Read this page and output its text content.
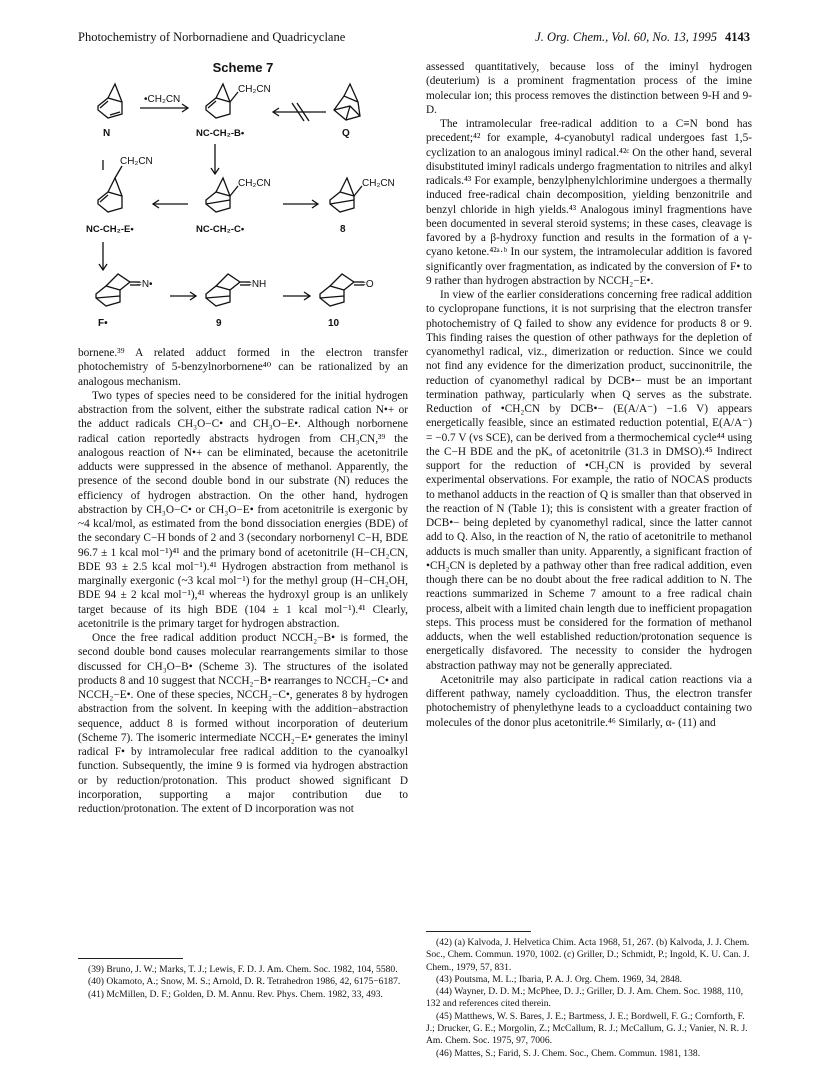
Photochemistry of Norbornadiene and Quadricyclane	J. Org. Chem., Vol. 60, No. 13, 1995 4143
Scheme 7
N
•CH₂CN
CH₂CN
NC-CH₂-B•	Q
CH₂CN
NC-CH₂-E•
CH₂CN
NC-CH₂-C•
CH₂CN
8
=N•
F•
=NH
9
=O
10

bornene.³⁹ A related adduct formed in the electron transfer photochemistry of 5-benzylnorbornene⁴⁰ can be rationalized by an analogous mechanism.

Two types of species need to be considered for the initial hydrogen abstraction from the solvent, either the substrate radical cation N•+ or the adduct radicals CH₃O−C• and CH₃O−E•. Although norbornene radical cation reportedly abstracts hydrogen from CH₃CN,³⁹ the analogous reaction of N•+ can be eliminated, because the acetonitrile adducts were suppressed in the absence of methanol. Apparently, the presence of the second double bond in our substrate (N) reduces the efficiency of hydrogen abstraction. On the other hand, hydrogen abstraction by CH₃O−C• or CH₃O−E• from acetonitrile is exergonic by ~4 kcal/mol, as estimated from the bond dissociation energies (BDE) of the secondary C−H bonds of 2 and 3 (secondary norbornenyl C−H, BDE 96.7 ± 1 kcal mol⁻¹)⁴¹ and the primary bond of acetonitrile (H−CH₂CN, BDE 93 ± 2.5 kcal mol⁻¹).⁴¹ Hydrogen abstraction from methanol is marginally exergonic (~3 kcal mol⁻¹) for the methyl group (H−CH₂OH, BDE 94 ± 2 kcal mol⁻¹),⁴¹ whereas the hydroxyl group is an unlikely target because of its high BDE (104 ± 1 kcal mol⁻¹).⁴¹ Clearly, acetonitrile is the primary target for hydrogen abstraction.

Once the free radical addition product NCCH₂−B• is formed, the second double bond causes molecular rearrangements similar to those discussed for CH₃O−B• (Scheme 3). The structures of the isolated products 8 and 10 suggest that NCCH₂−B• rearranges to NCCH₂−C• and NCCH₂−E•. One of these species, NCCH₂−C•, generates 8 by hydrogen abstraction from the solvent. In keeping with the addition−abstraction sequence, adduct 8 is formed without incorporation of deuterium (Scheme 7). The isomeric intermediate NCCH₂−E• generates the iminyl radical F• by intramolecular free radical addition to the cyanoalkyl function. Subsequently, the imine 9 is formed via hydrogen abstraction or by reduction/protonation. This product showed significant D incorporation, supporting a major contribution due to reduction/protonation. The extent of D incorporation was not

assessed quantitatively, because loss of the iminyl hydrogen (deuterium) is a prominent fragmentation process of the imine molecular ion; this process removes the distinction between 9-H and 9-D.

The intramolecular free-radical addition to a C≡N bond has precedent;⁴² for example, 4-cyanobutyl radical undergoes fast 1,5-cyclization to an analogous iminyl radical.⁴²ᶜ On the other hand, several disubstituted iminyl radicals undergo fragmentation to nitriles and alkyl radicals.⁴³ For example, benzylphenylchlorimine undergoes a thermally induced free-radical chain decomposition, yielding benzonitrile and benzyl chloride in high yields.⁴³ Analogous iminyl fragmentions have been documented in several steroid systems; in these cases, cleavage is favored by a β-hydroxy function and results in the formation of a γ-cyano ketone.⁴²ᵃ·ᵇ In our system, the intramolecular addition is favored significantly over fragmentation, as indicated by the conversion of F• to 9 rather than hydrogen abstraction by NCCH₂−E•.

In view of the earlier considerations concerning free radical addition to cyclopropane functions, it is not surprising that the electron transfer photochemistry of Q failed to show any evidence for products 8 or 9. This finding raises the question of other pathways for the depletion of cyanomethyl radical, viz., dimerization or reduction. Since we could not find any evidence for the dimerization product, succinonitrile, the reduction of cyanomethyl radical by DCB•− must be an important termination pathway, particularly when Q serves as the substrate. Reduction of •CH₂CN by DCB•− (E(A/A⁻) −1.6 V) appears energetically feasible, since an estimated reduction potential, E(A/A⁻) = −0.7 V (vs SCE), can be derived from a thermochemical cycle⁴⁴ using the C−H BDE and the pKₐ of acetonitrile (31.3 in DMSO).⁴⁵ Indirect support for the reduction of •CH₂CN is provided by several experimental observations. For example, the ratio of NOCAS products to methanol adducts in the reaction of Q is smaller than that observed in the reaction of N (Table 1); this is consistent with a greater fraction of DCB•− being depleted by cyanomethyl radical, since the latter cannot add to Q. Also, in the reaction of N, the ratio of acetonitrile to methanol adducts is much smaller than unity. Apparently, a significant fraction of •CH₂CN is depleted by a pathway other than free radical addition, even though there can be no doubt about the free radical addition to N. The reactions summarized in Scheme 7 amount to a free radical chain process, albeit with a limited chain length due to inefficient propagation steps. This process must be considered for the formation of methanol adducts, when the well established reduction/protonation sequence is energetically disfavored. The necessity to consider the hydrogen abstraction pathway may not be generally appreciated.

Acetonitrile may also participate in radical cation reactions via a different pathway, namely cycloaddition. Thus, the electron transfer photochemistry of phenylethyne leads to a cycloadduct containing two molecules of the donor plus acetonitrile.⁴⁶ Similarly, α- (11) and

(39) Bruno, J. W.; Marks, T. J.; Lewis, F. D. J. Am. Chem. Soc. 1982, 104, 5580.

(40) Okamoto, A.; Snow, M. S.; Arnold, D. R. Tetrahedron 1986, 42, 6175−6187.

(41) McMillen, D. F.; Golden, D. M. Annu. Rev. Phys. Chem. 1982, 33, 493.

(42) (a) Kalvoda, J. Helvetica Chim. Acta 1968, 51, 267. (b) Kalvoda, J. J. Chem. Soc., Chem. Commun. 1970, 1002. (c) Griller, D.; Schmidt, P.; Ingold, K. U. Can. J. Chem., 1979, 57, 831.

(43) Poutsma, M. L.; Ibaria, P. A. J. Org. Chem. 1969, 34, 2848.

(44) Wayner, D. D. M.; McPhee, D. J.; Griller, D. J. Am. Chem. Soc. 1988, 110, 132 and references cited therein.

(45) Matthews, W. S. Bares, J. E.; Bartmess, J. E.; Bordwell, F. G.; Cornforth, F. J.; Drucker, G. E.; Morgolin, Z.; McCallum, R. J.; McCallum, G. J.; Vanier, N. R. J. Am. Chem. Soc. 1975, 97, 7006.

(46) Mattes, S.; Farid, S. J. Chem. Soc., Chem. Commun. 1981, 138.
